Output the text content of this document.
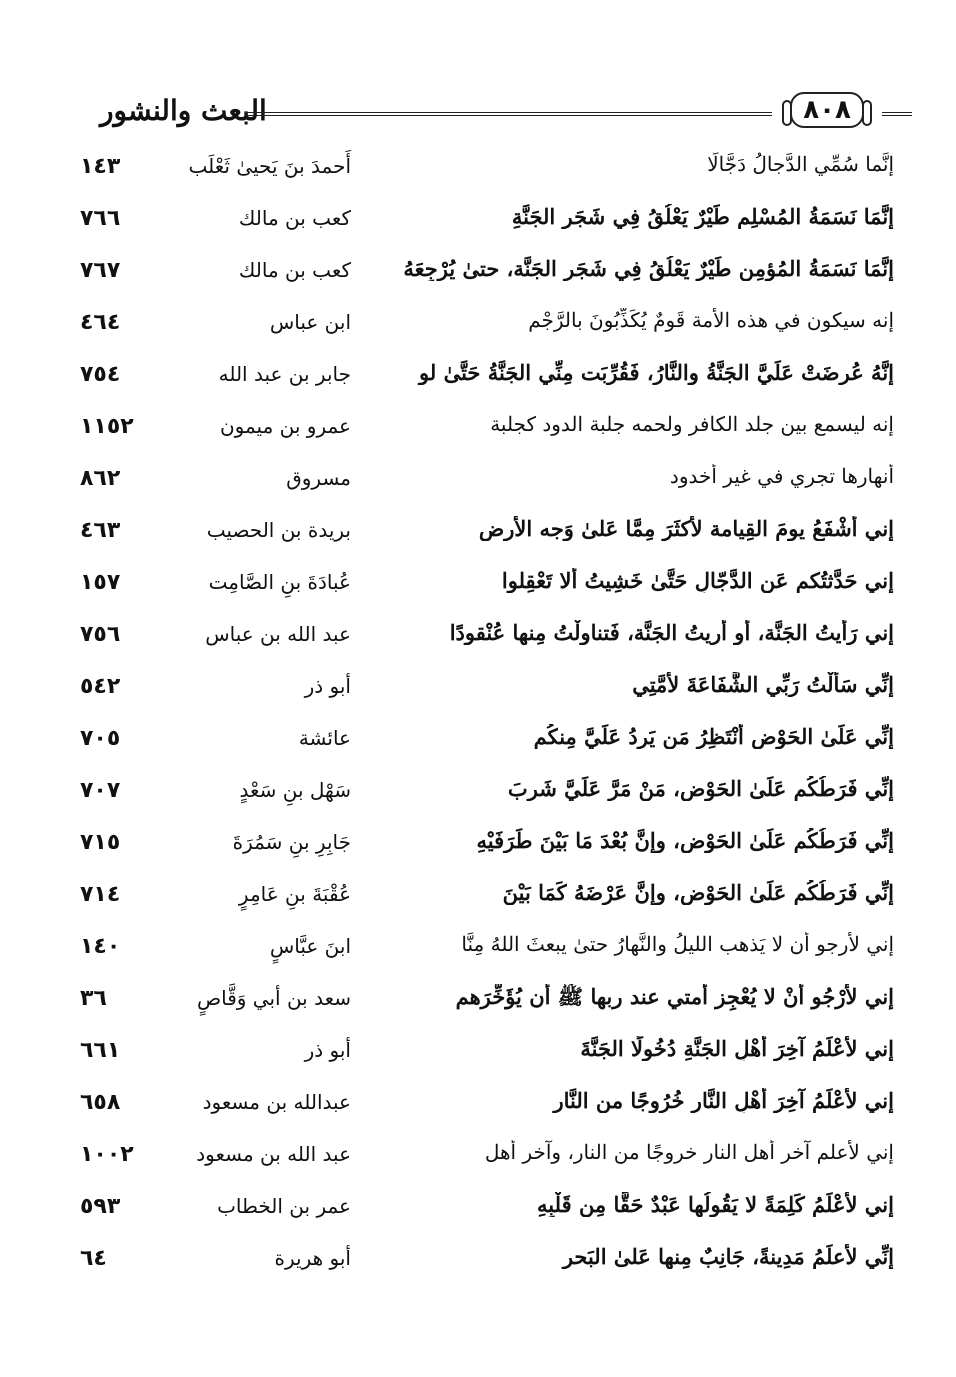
البعث والنشور	٨٠٨
إِنَّما سُمِّي الدَّجالُ دَجَّالًا
أَحمدَ بنَ يَحيىٰ ثَعْلَب
١٤٣
إِنَّمَا نَسَمَةُ المُسْلِمِ طَيْرٌ يَعْلُقُ فِي شَجَرِ الجَنَّةِ
كعب بن مالك
٧٦٦
إِنَّمَا نَسَمَةُ المُؤمِنِ طَيْرٌ يَعْلُقُ فِي شَجَرِ الجَنَّة، حتىٰ يُرْجِعَهُ
كعب بن مالك
٧٦٧
إنه سيكون في هذه الأمة قَومٌ يُكَذِّبُونَ بالرَّجْم
ابن عباس
٤٦٤
إِنَّهُ عُرِضَتْ عَلَيَّ الجَنَّةُ والنَّارُ، فَقُرِّبَت مِنِّي الجَنَّةُ حَتَّىٰ لو
جابر بن عبد الله
٧٥٤
إنه ليسمع بين جلد الكافر ولحمه جلبة الدود كجلبة
عمرو بن ميمون
١١٥٢
أنهارها تجري في غير أخدود
مسروق
٨٦٢
إني أَشْفَعُ يومَ القِيامة لأكثَرَ مِمَّا عَلىٰ وَجه الأرض
بريدة بن الحصيب
٤٦٣
إِني حَدَّثتُكم عَن الدَّجّالِ حَتَّىٰ خَشِيتُ أَلا تَعْقِلوا
عُبادَةَ بنِ الصَّامِت
١٥٧
إني رَأيتُ الجَنَّة، أو أُريتُ الجَنَّة، فَتناولْتُ مِنها عُنْقودًا
عبد الله بن عباس
٧٥٦
إِنِّي سَأَلْتُ رَبِّي الشَّفَاعَةَ لأُمَّتِي
أبو ذر
٥٤٢
إِنِّي عَلَىٰ الحَوْضِ أَنْتَظِرُ مَن يَرِدُ عَلَيَّ مِنكُم
عائشة
٧٠٥
إِنِّي فَرَطُكُم عَلَىٰ الحَوْضِ، مَنْ مَرَّ عَلَيَّ شَرِبَ
سَهْل بنِ سَعْدٍ
٧٠٧
إِنِّي فَرَطُكُم عَلَىٰ الحَوْضِ، وإِنَّ بُعْدَ مَا بَيْنَ طَرَفَيْهِ
جَابِرِ بنِ سَمُرَةَ
٧١٥
إِنِّي فَرَطُكُم عَلَىٰ الحَوْضِ، وإِنَّ عَرْضَهُ كَمَا بَيْنَ
عُقْبَةَ بنِ عَامِرٍ
٧١٤
إني لأرجو أن لا يَذهب الليلُ والنَّهارُ حتىٰ يبعثَ اللهُ مِنَّا
ابنَ عبَّاسٍ
١٤٠
إني لأرْجُو أَنْ لا يُعْجِز أمتي عند ربها ﷺ أن يُؤَخِّرَهم
سعد بن أبي وَقَّاصٍ
٣٦
إني لأعْلَمُ آخِرَ أَهْلِ الجَنَّةِ دُخُولًا الجَنَّةَ
أبو ذر
٦٦١
إني لأعْلَمُ آخِرَ أَهْلِ النَّارِ خُرُوجًا من النَّار
عبدالله بن مسعود
٦٥٨
إني لأعلم آخر أهل النار خروجًا من النار، وآخر أهل
عبد الله بن مسعود
١٠٠٢
إني لأعْلَمُ كَلِمَةً لا يَقُولُها عَبْدٌ حَقًّا مِن قَلْبِهِ
عمر بن الخطاب
٥٩٣
إِنِّي لأعلَمُ مَدِينةً، جَانِبٌ مِنها عَلىٰ البَحرِ
أبو هريرة
٦٤
